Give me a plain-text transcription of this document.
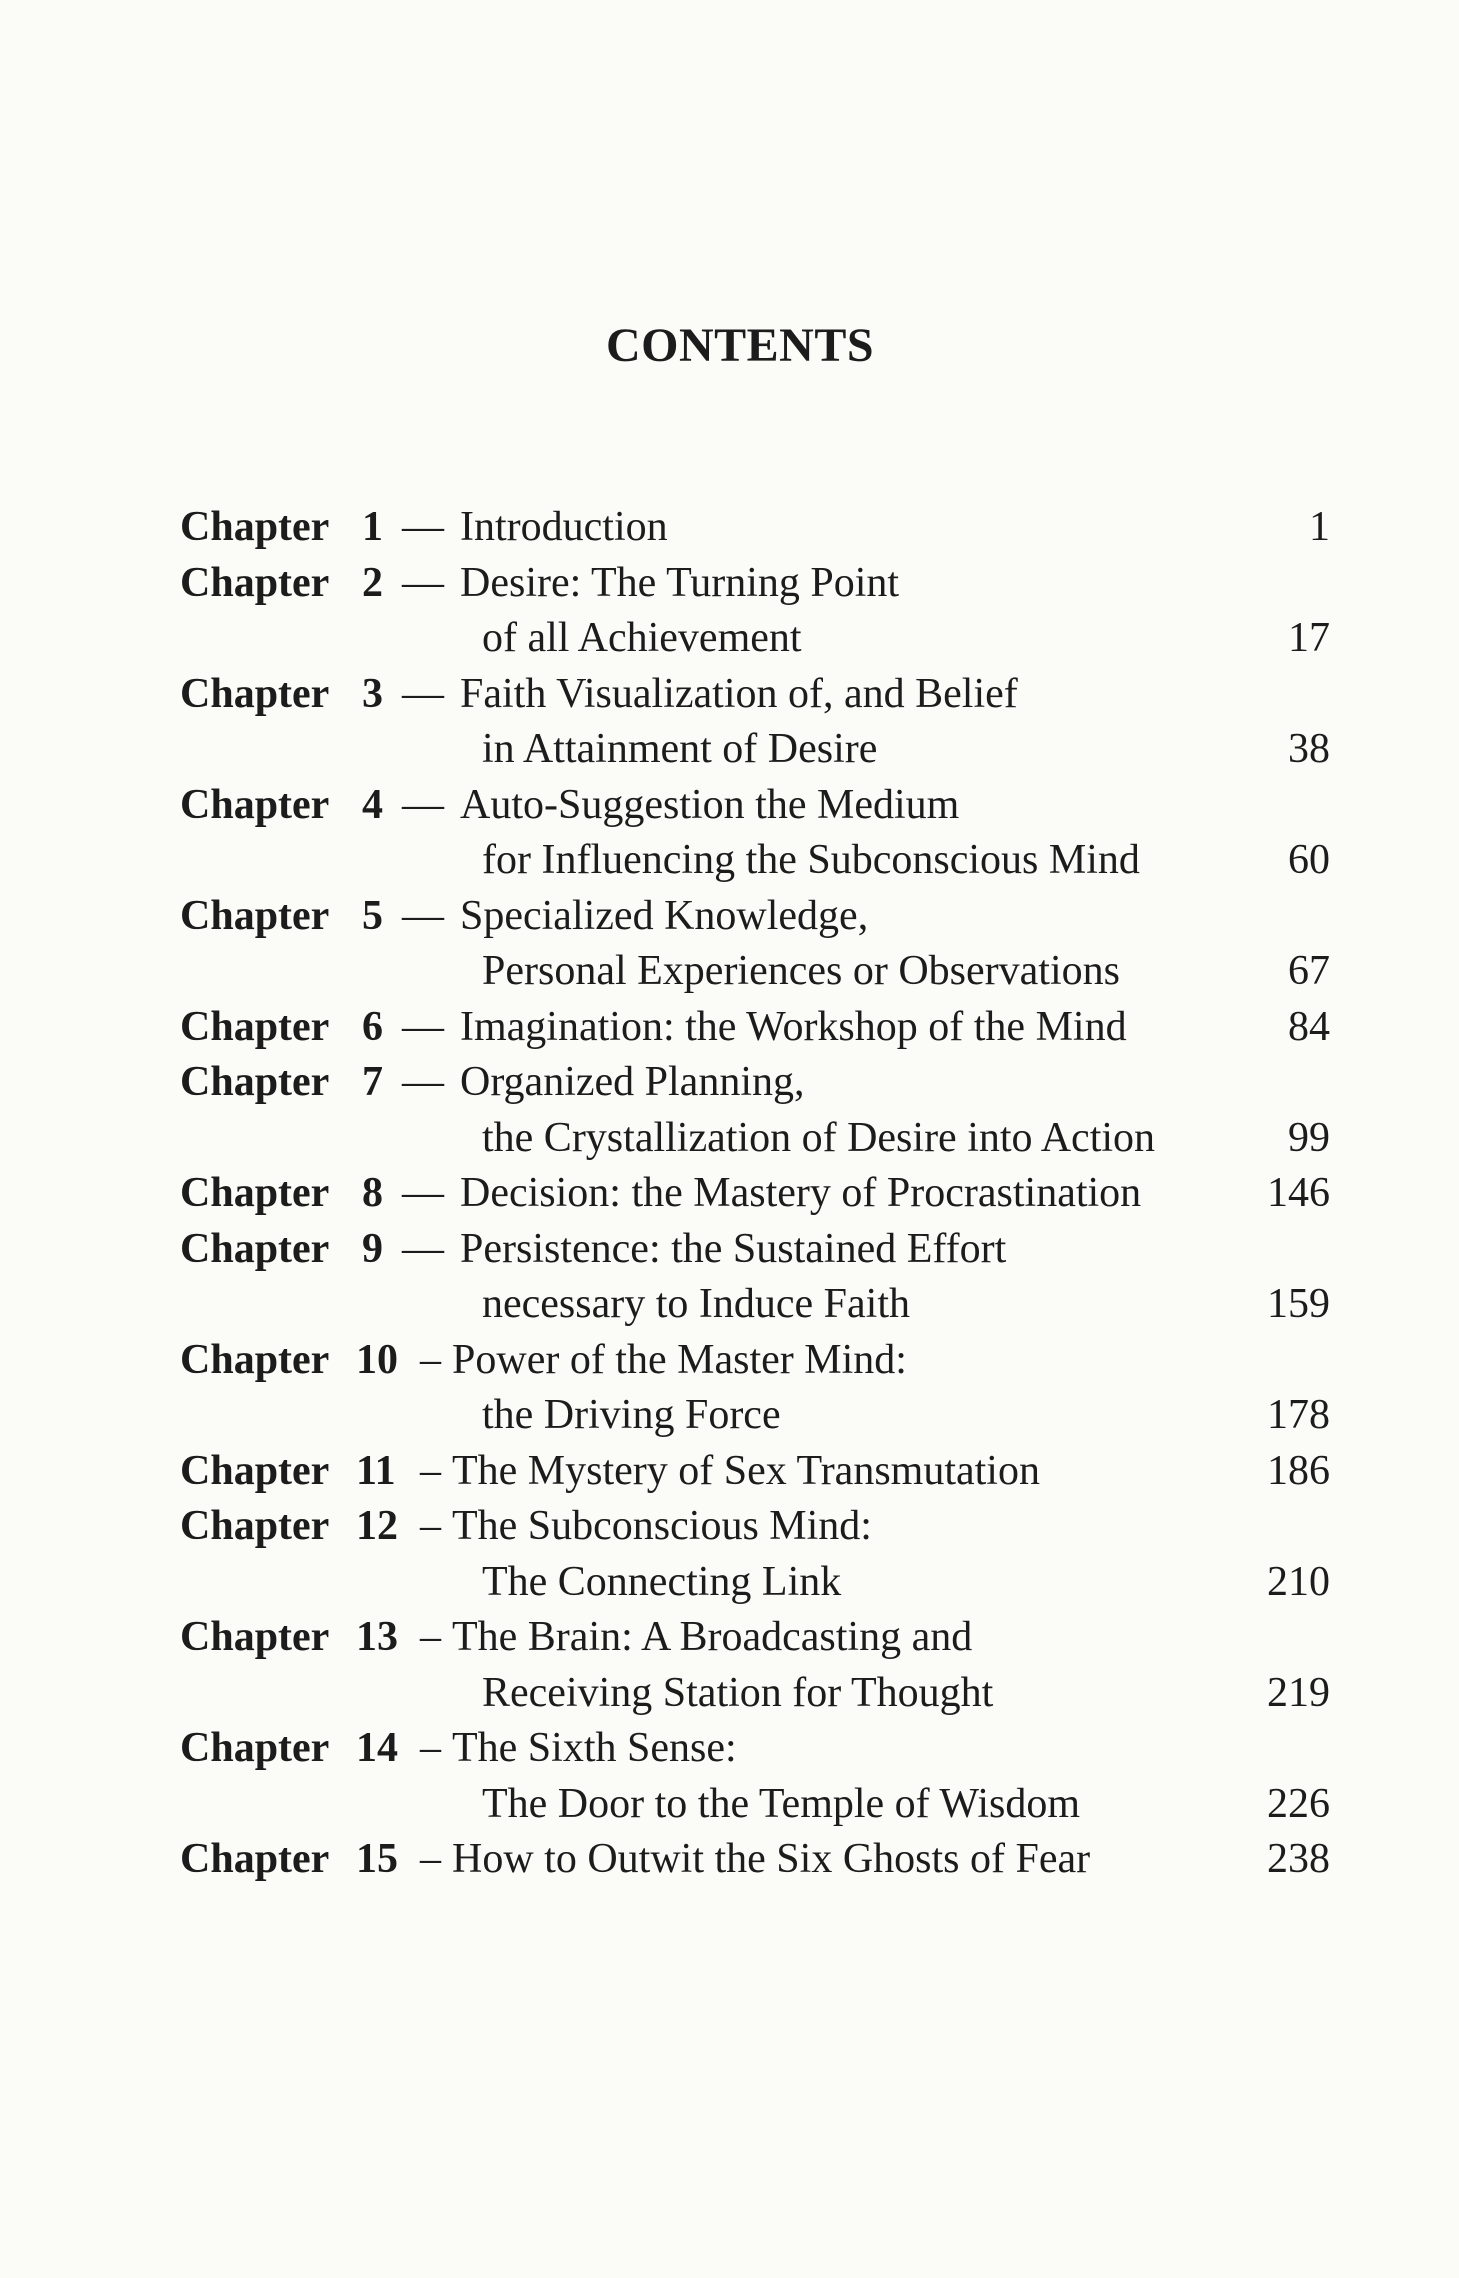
CONTENTS
Chapter 1 — Introduction	1
Chapter 2 — Desire: The Turning Point
of all Achievement	17
Chapter 3 — Faith Visualization of, and Belief
in Attainment of Desire	38
Chapter 4 — Auto-Suggestion the Medium
for Influencing the Subconscious Mind	60
Chapter 5 — Specialized Knowledge,
Personal Experiences or Observations	67
Chapter 6 — Imagination: the Workshop of the Mind	84
Chapter 7 — Organized Planning,
the Crystallization of Desire into Action	99
Chapter 8 — Decision: the Mastery of Procrastination	146
Chapter 9 — Persistence: the Sustained Effort
necessary to Induce Faith	159
Chapter 10 – Power of the Master Mind:
the Driving Force	178
Chapter 11 – The Mystery of Sex Transmutation	186
Chapter 12 – The Subconscious Mind:
The Connecting Link	210
Chapter 13 – The Brain: A Broadcasting and
Receiving Station for Thought	219
Chapter 14 – The Sixth Sense:
The Door to the Temple of Wisdom	226
Chapter 15 – How to Outwit the Six Ghosts of Fear	238
